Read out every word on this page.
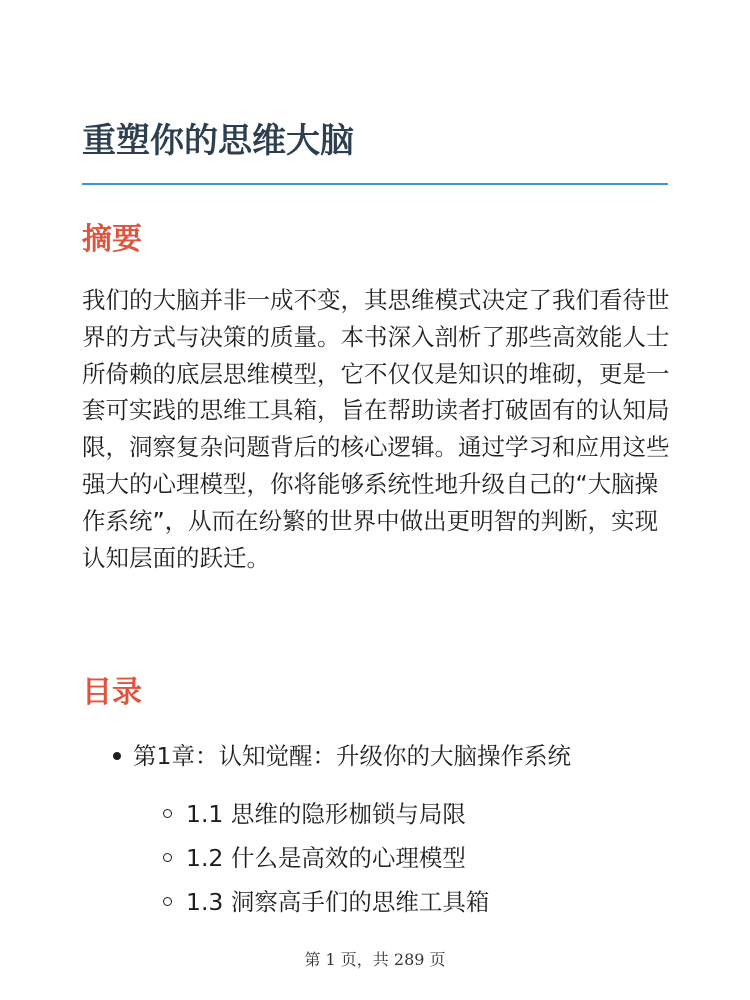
重塑你的思维大脑
摘要

我们的大脑并非一成不变，其思维模式决定了我们看待世界的方式与决策的质量。本书深入剖析了那些高效能人士所倚赖的底层思维模型，它不仅仅是知识的堆砌，更是一套可实践的思维工具箱，旨在帮助读者打破固有的认知局限，洞察复杂问题背后的核心逻辑。通过学习和应用这些强大的心理模型，你将能够系统性地升级自己的“大脑操作系统”，从而在纷繁的世界中做出更明智的判断，实现认知层面的跃迁。

目录
第1章：认知觉醒：升级你的大脑操作系统
1.1 思维的隐形枷锁与局限
1.2 什么是高效的心理模型
1.3 洞察高手们的思维工具箱
第 1 页，共 289 页
